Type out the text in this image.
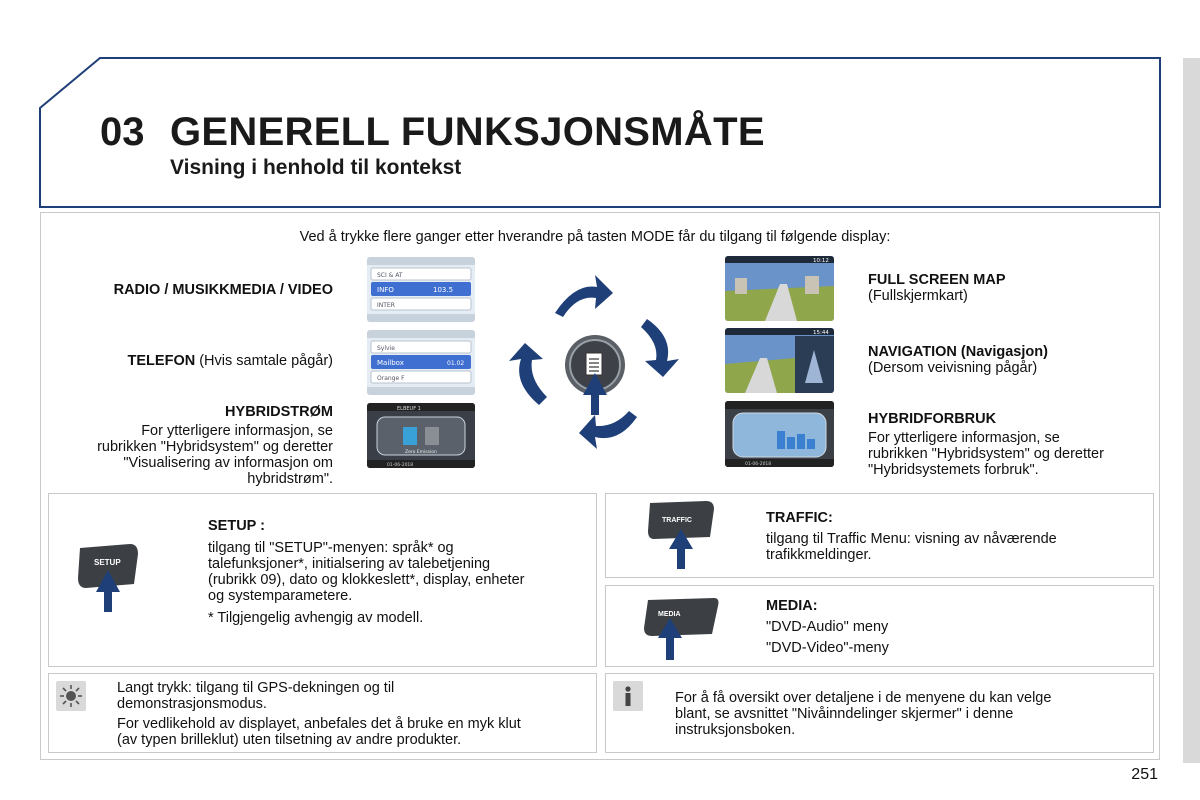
03 GENERELL FUNKSJONSMÅTE
Visning i henhold til kontekst
Ved å trykke flere ganger etter hverandre på tasten MODE får du tilgang til følgende display:
RADIO / MUSIKKMEDIA / VIDEO
TELEFON (Hvis samtale pågår)
HYBRIDSTRØM
For ytterligere informasjon, se
rubrikken "Hybridsystem" og deretter
"Visualisering av informasjon om
hybridstrøm".
FULL SCREEN MAP
(Fullskjermkart)
NAVIGATION (Navigasjon)
(Dersom veivisning pågår)
HYBRIDFORBRUK
For ytterligere informasjon, se
rubrikken "Hybridsystem" og deretter
"Hybridsystemets forbruk".
SCI & AT
INFO	103.5
INTER
Sylvie
Mailbox	01.02
Orange F
ELBEUF 1
Zero Emission
01-06-2018
10:12
15:44
01-06-2018
SETUP
SETUP :
tilgang til "SETUP"-menyen: språk* og
talefunksjoner*, initialsering av talebetjening
(rubrikk 09), dato og klokkeslett*, display, enheter
og systemparametere.
* Tilgjengelig avhengig av modell.
TRAFFIC	TRAFFIC:
tilgang til Traffic Menu: visning av nåværende
trafikkmeldinger.
MEDIA
MEDIA:
"DVD-Audio" meny
"DVD-Video"-meny
Langt trykk: tilgang til GPS-dekningen og til
demonstrasjonsmodus.
For vedlikehold av displayet, anbefales det å bruke en myk klut
(av typen brilleklut) uten tilsetning av andre produkter.
For å få oversikt over detaljene i de menyene du kan velge
blant, se avsnittet "Nivåinndelinger skjermer" i denne
instruksjonsboken.
251
